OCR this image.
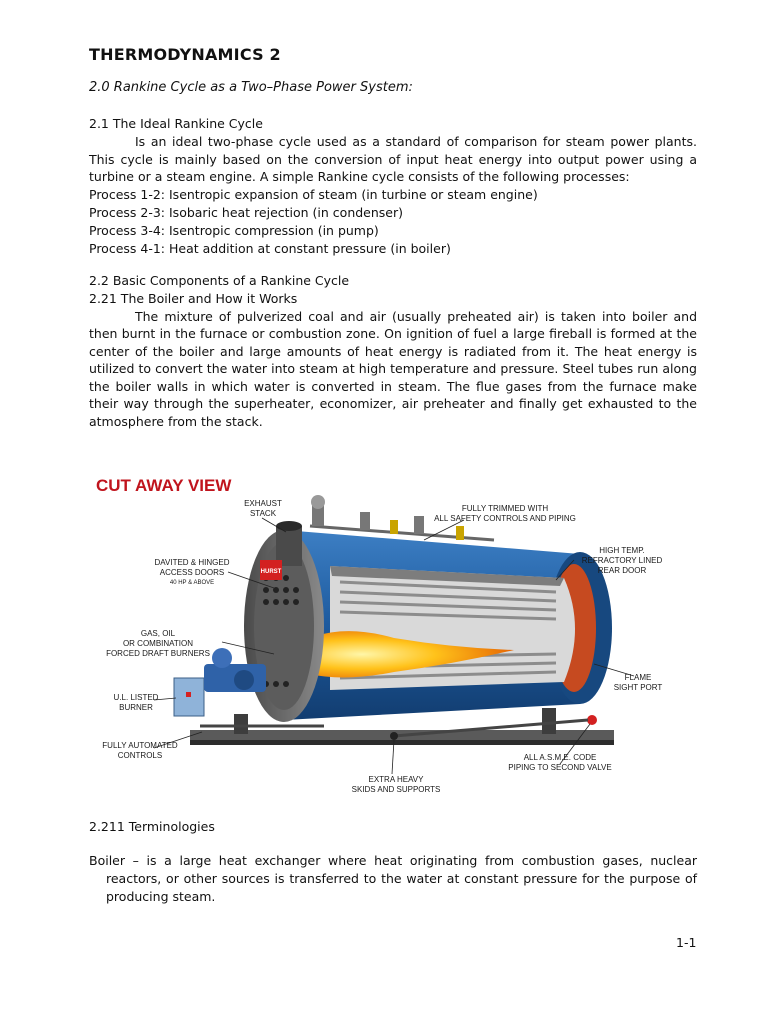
THERMODYNAMICS 2
2.0 Rankine Cycle as a Two–Phase Power System:
2.1 The Ideal Rankine Cycle
Is an ideal two-phase cycle used as a standard of comparison for steam power plants. This cycle is mainly based on the conversion of input heat energy into output power using a turbine or a steam engine. A simple Rankine cycle consists of the following processes:
Process 1-2: Isentropic expansion of steam (in turbine or steam engine)
Process 2-3: Isobaric heat rejection (in condenser)
Process 3-4: Isentropic compression (in pump)
Process 4-1: Heat addition at constant pressure (in boiler)
2.2 Basic Components of a Rankine Cycle
2.21 The Boiler and How it Works
The mixture of pulverized coal and air (usually preheated air) is taken into boiler and then burnt in the furnace or combustion zone. On ignition of fuel a large fireball is formed at the center of the boiler and large amounts of heat energy is radiated from it. The heat energy is utilized to convert the water into steam at high temperature and pressure. Steel tubes run along the boiler walls in which water is converted in steam. The flue gases from the furnace make their way through the superheater, economizer, air preheater and finally get exhausted to the atmosphere from the stack.
CUT AWAY VIEW
HURST
EXHAUST
STACK
FULLY TRIMMED WITH
ALL SAFETY CONTROLS AND PIPING
DAVITED & HINGED
ACCESS DOORS
40 HP & ABOVE
HIGH TEMP.
REFRACTORY LINED
REAR DOOR
GAS, OIL
OR COMBINATION
FORCED DRAFT BURNERS
FLAME
SIGHT PORT
U.L. LISTED
BURNER
FULLY AUTOMATED
CONTROLS	ALL A.S.M.E. CODE
PIPING TO SECOND VALVE
EXTRA HEAVY
SKIDS AND SUPPORTS
2.211 Terminologies
Boiler – is a large heat exchanger where heat originating from combustion gases, nuclear reactors, or other sources is transferred to the water at constant pressure for the purpose of producing steam.
1-1
